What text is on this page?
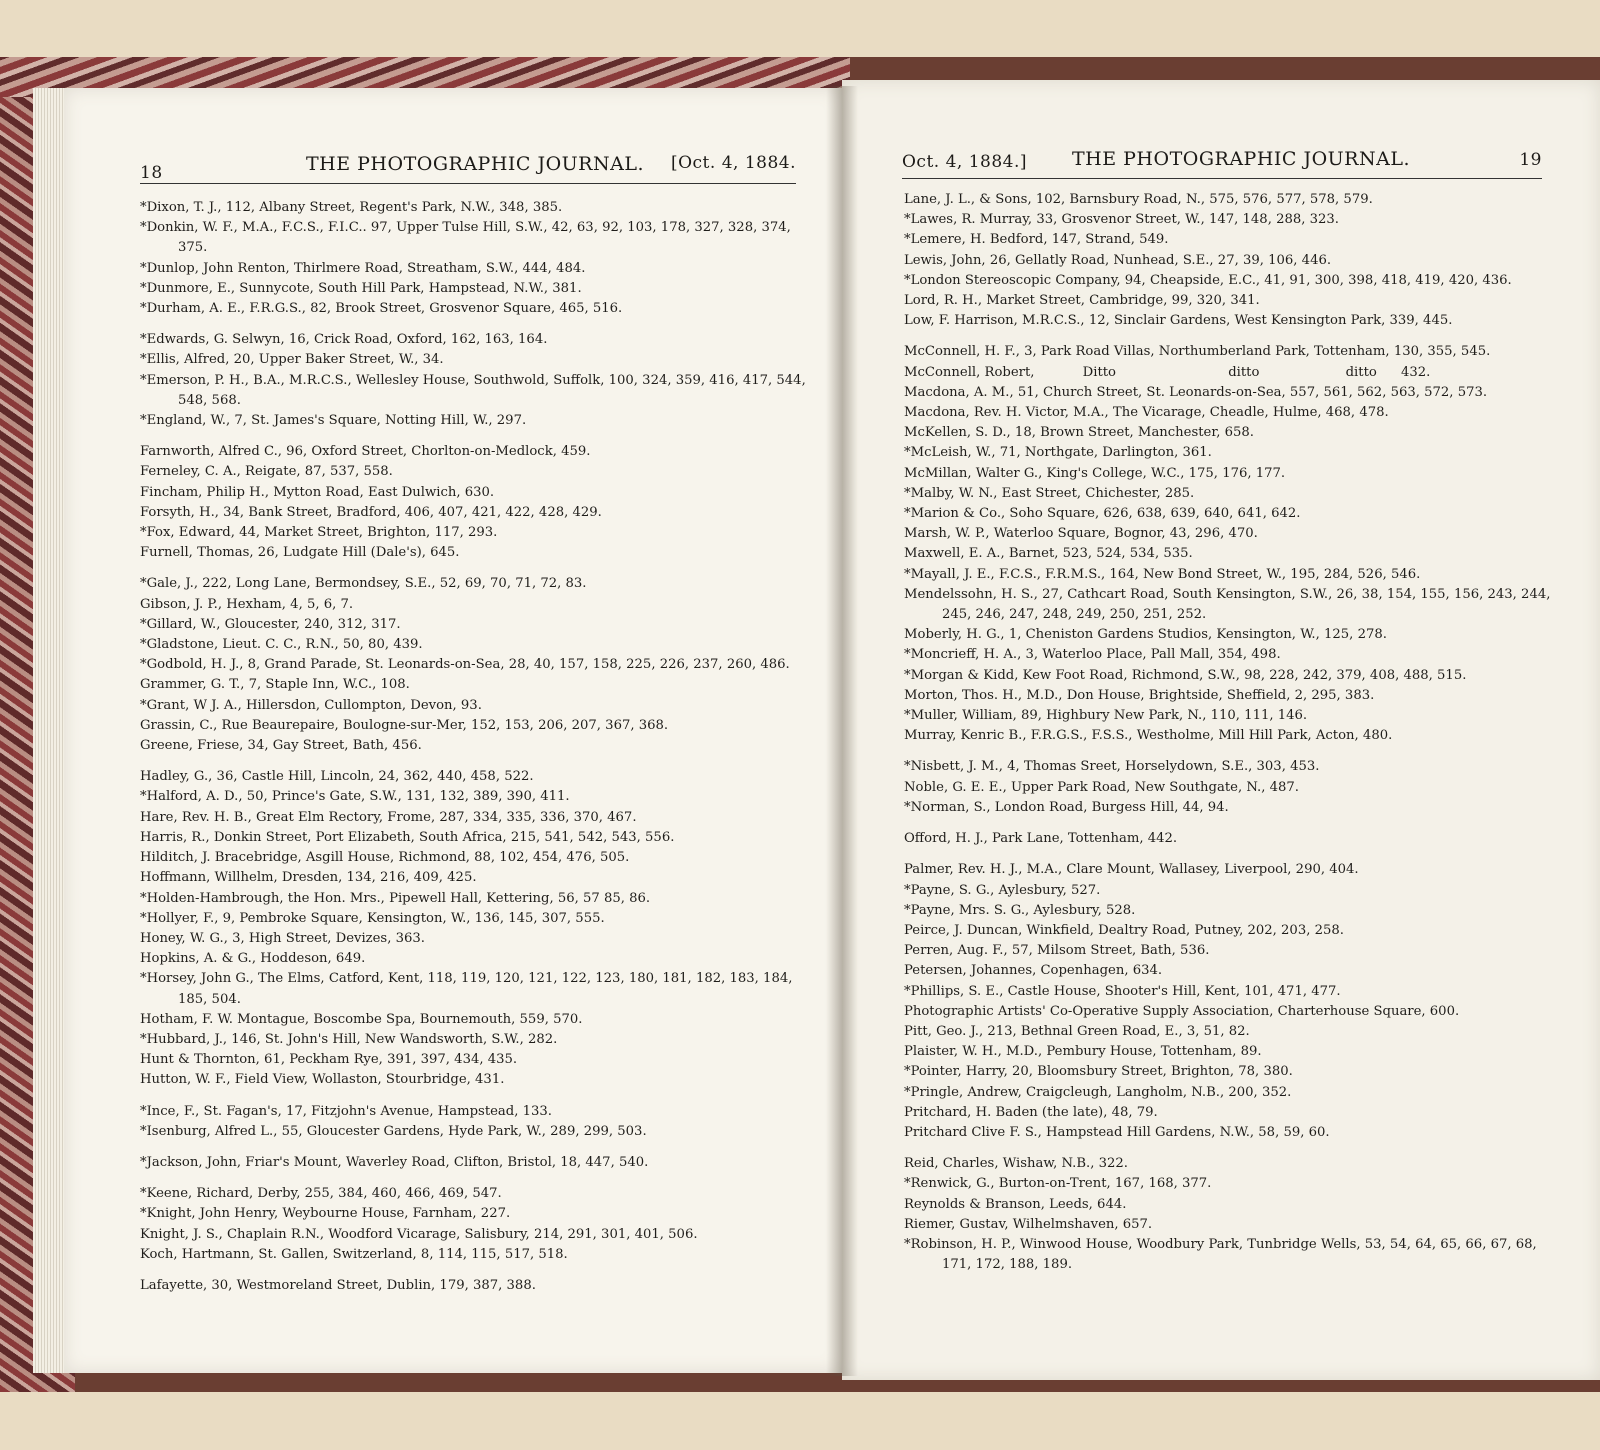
18	THE PHOTOGRAPHIC JOURNAL. [Oct. 4, 1884.	Oct. 4, 1884.] THE PHOTOGRAPHIC JOURNAL.	19
*Dixon, T. J., 112, Albany Street, Regent's Park, N.W., 348, 385.
*Donkin, W. F., M.A., F.C.S., F.I.C.. 97, Upper Tulse Hill, S.W., 42, 63, 92, 103, 178, 327, 328, 374, 375.
*Dunlop, John Renton, Thirlmere Road, Streatham, S.W., 444, 484.
*Dunmore, E., Sunnycote, South Hill Park, Hampstead, N.W., 381.
*Durham, A. E., F.R.G.S., 82, Brook Street, Grosvenor Square, 465, 516.
*Edwards, G. Selwyn, 16, Crick Road, Oxford, 162, 163, 164.
*Ellis, Alfred, 20, Upper Baker Street, W., 34.
*Emerson, P. H., B.A., M.R.C.S., Wellesley House, Southwold, Suffolk, 100, 324, 359, 416, 417, 544, 548, 568.
*England, W., 7, St. James's Square, Notting Hill, W., 297.
Farnworth, Alfred C., 96, Oxford Street, Chorlton-on-Medlock, 459.
Ferneley, C. A., Reigate, 87, 537, 558.
Fincham, Philip H., Mytton Road, East Dulwich, 630.
Forsyth, H., 34, Bank Street, Bradford, 406, 407, 421, 422, 428, 429.
*Fox, Edward, 44, Market Street, Brighton, 117, 293.
Furnell, Thomas, 26, Ludgate Hill (Dale's), 645.
*Gale, J., 222, Long Lane, Bermondsey, S.E., 52, 69, 70, 71, 72, 83.
Gibson, J. P., Hexham, 4, 5, 6, 7.
*Gillard, W., Gloucester, 240, 312, 317.
*Gladstone, Lieut. C. C., R.N., 50, 80, 439.
*Godbold, H. J., 8, Grand Parade, St. Leonards-on-Sea, 28, 40, 157, 158, 225, 226, 237, 260, 486.
Grammer, G. T., 7, Staple Inn, W.C., 108.
*Grant, W J. A., Hillersdon, Cullompton, Devon, 93.
Grassin, C., Rue Beaurepaire, Boulogne-sur-Mer, 152, 153, 206, 207, 367, 368.
Greene, Friese, 34, Gay Street, Bath, 456.
Hadley, G., 36, Castle Hill, Lincoln, 24, 362, 440, 458, 522.
*Halford, A. D., 50, Prince's Gate, S.W., 131, 132, 389, 390, 411.
Hare, Rev. H. B., Great Elm Rectory, Frome, 287, 334, 335, 336, 370, 467.
Harris, R., Donkin Street, Port Elizabeth, South Africa, 215, 541, 542, 543, 556.
Hilditch, J. Bracebridge, Asgill House, Richmond, 88, 102, 454, 476, 505.
Hoffmann, Willhelm, Dresden, 134, 216, 409, 425.
*Holden-Hambrough, the Hon. Mrs., Pipewell Hall, Kettering, 56, 57 85, 86.
*Hollyer, F., 9, Pembroke Square, Kensington, W., 136, 145, 307, 555.
Honey, W. G., 3, High Street, Devizes, 363.
Hopkins, A. & G., Hoddeson, 649.
*Horsey, John G., The Elms, Catford, Kent, 118, 119, 120, 121, 122, 123, 180, 181, 182, 183, 184, 185, 504.
Hotham, F. W. Montague, Boscombe Spa, Bournemouth, 559, 570.
*Hubbard, J., 146, St. John's Hill, New Wandsworth, S.W., 282.
Hunt & Thornton, 61, Peckham Rye, 391, 397, 434, 435.
Hutton, W. F., Field View, Wollaston, Stourbridge, 431.
*Ince, F., St. Fagan's, 17, Fitzjohn's Avenue, Hampstead, 133.
*Isenburg, Alfred L., 55, Gloucester Gardens, Hyde Park, W., 289, 299, 503.
*Jackson, John, Friar's Mount, Waverley Road, Clifton, Bristol, 18, 447, 540.
*Keene, Richard, Derby, 255, 384, 460, 466, 469, 547.
*Knight, John Henry, Weybourne House, Farnham, 227.
Knight, J. S., Chaplain R.N., Woodford Vicarage, Salisbury, 214, 291, 301, 401, 506.
Koch, Hartmann, St. Gallen, Switzerland, 8, 114, 115, 517, 518.
Lafayette, 30, Westmoreland Street, Dublin, 179, 387, 388.
Lane, J. L., & Sons, 102, Barnsbury Road, N., 575, 576, 577, 578, 579.
*Lawes, R. Murray, 33, Grosvenor Street, W., 147, 148, 288, 323.
*Lemere, H. Bedford, 147, Strand, 549.
Lewis, John, 26, Gellatly Road, Nunhead, S.E., 27, 39, 106, 446.
*London Stereoscopic Company, 94, Cheapside, E.C., 41, 91, 300, 398, 418, 419, 420, 436.
Lord, R. H., Market Street, Cambridge, 99, 320, 341.
Low, F. Harrison, M.R.C.S., 12, Sinclair Gardens, West Kensington Park, 339, 445.
McConnell, H. F., 3, Park Road Villas, Northumberland Park, Tottenham, 130, 355, 545.
McConnell, Robert,	Ditto	ditto	ditto 432.
Macdona, A. M., 51, Church Street, St. Leonards-on-Sea, 557, 561, 562, 563, 572, 573.
Macdona, Rev. H. Victor, M.A., The Vicarage, Cheadle, Hulme, 468, 478.
McKellen, S. D., 18, Brown Street, Manchester, 658.
*McLeish, W., 71, Northgate, Darlington, 361.
McMillan, Walter G., King's College, W.C., 175, 176, 177.
*Malby, W. N., East Street, Chichester, 285.
*Marion & Co., Soho Square, 626, 638, 639, 640, 641, 642.
Marsh, W. P., Waterloo Square, Bognor, 43, 296, 470.
Maxwell, E. A., Barnet, 523, 524, 534, 535.
*Mayall, J. E., F.C.S., F.R.M.S., 164, New Bond Street, W., 195, 284, 526, 546.
Mendelssohn, H. S., 27, Cathcart Road, South Kensington, S.W., 26, 38, 154, 155, 156, 243, 244, 245, 246, 247, 248, 249, 250, 251, 252.
Moberly, H. G., 1, Cheniston Gardens Studios, Kensington, W., 125, 278.
*Moncrieff, H. A., 3, Waterloo Place, Pall Mall, 354, 498.
*Morgan & Kidd, Kew Foot Road, Richmond, S.W., 98, 228, 242, 379, 408, 488, 515.
Morton, Thos. H., M.D., Don House, Brightside, Sheffield, 2, 295, 383.
*Muller, William, 89, Highbury New Park, N., 110, 111, 146.
Murray, Kenric B., F.R.G.S., F.S.S., Westholme, Mill Hill Park, Acton, 480.
*Nisbett, J. M., 4, Thomas Sreet, Horselydown, S.E., 303, 453.
Noble, G. E. E., Upper Park Road, New Southgate, N., 487.
*Norman, S., London Road, Burgess Hill, 44, 94.
Offord, H. J., Park Lane, Tottenham, 442.
Palmer, Rev. H. J., M.A., Clare Mount, Wallasey, Liverpool, 290, 404.
*Payne, S. G., Aylesbury, 527.
*Payne, Mrs. S. G., Aylesbury, 528.
Peirce, J. Duncan, Winkfield, Dealtry Road, Putney, 202, 203, 258.
Perren, Aug. F., 57, Milsom Street, Bath, 536.
Petersen, Johannes, Copenhagen, 634.
*Phillips, S. E., Castle House, Shooter's Hill, Kent, 101, 471, 477.
Photographic Artists' Co-Operative Supply Association, Charterhouse Square, 600.
Pitt, Geo. J., 213, Bethnal Green Road, E., 3, 51, 82.
Plaister, W. H., M.D., Pembury House, Tottenham, 89.
*Pointer, Harry, 20, Bloomsbury Street, Brighton, 78, 380.
*Pringle, Andrew, Craigcleugh, Langholm, N.B., 200, 352.
Pritchard, H. Baden (the late), 48, 79.
Pritchard Clive F. S., Hampstead Hill Gardens, N.W., 58, 59, 60.
Reid, Charles, Wishaw, N.B., 322.
*Renwick, G., Burton-on-Trent, 167, 168, 377.
Reynolds & Branson, Leeds, 644.
Riemer, Gustav, Wilhelmshaven, 657.
*Robinson, H. P., Winwood House, Woodbury Park, Tunbridge Wells, 53, 54, 64, 65, 66, 67, 68, 171, 172, 188, 189.
